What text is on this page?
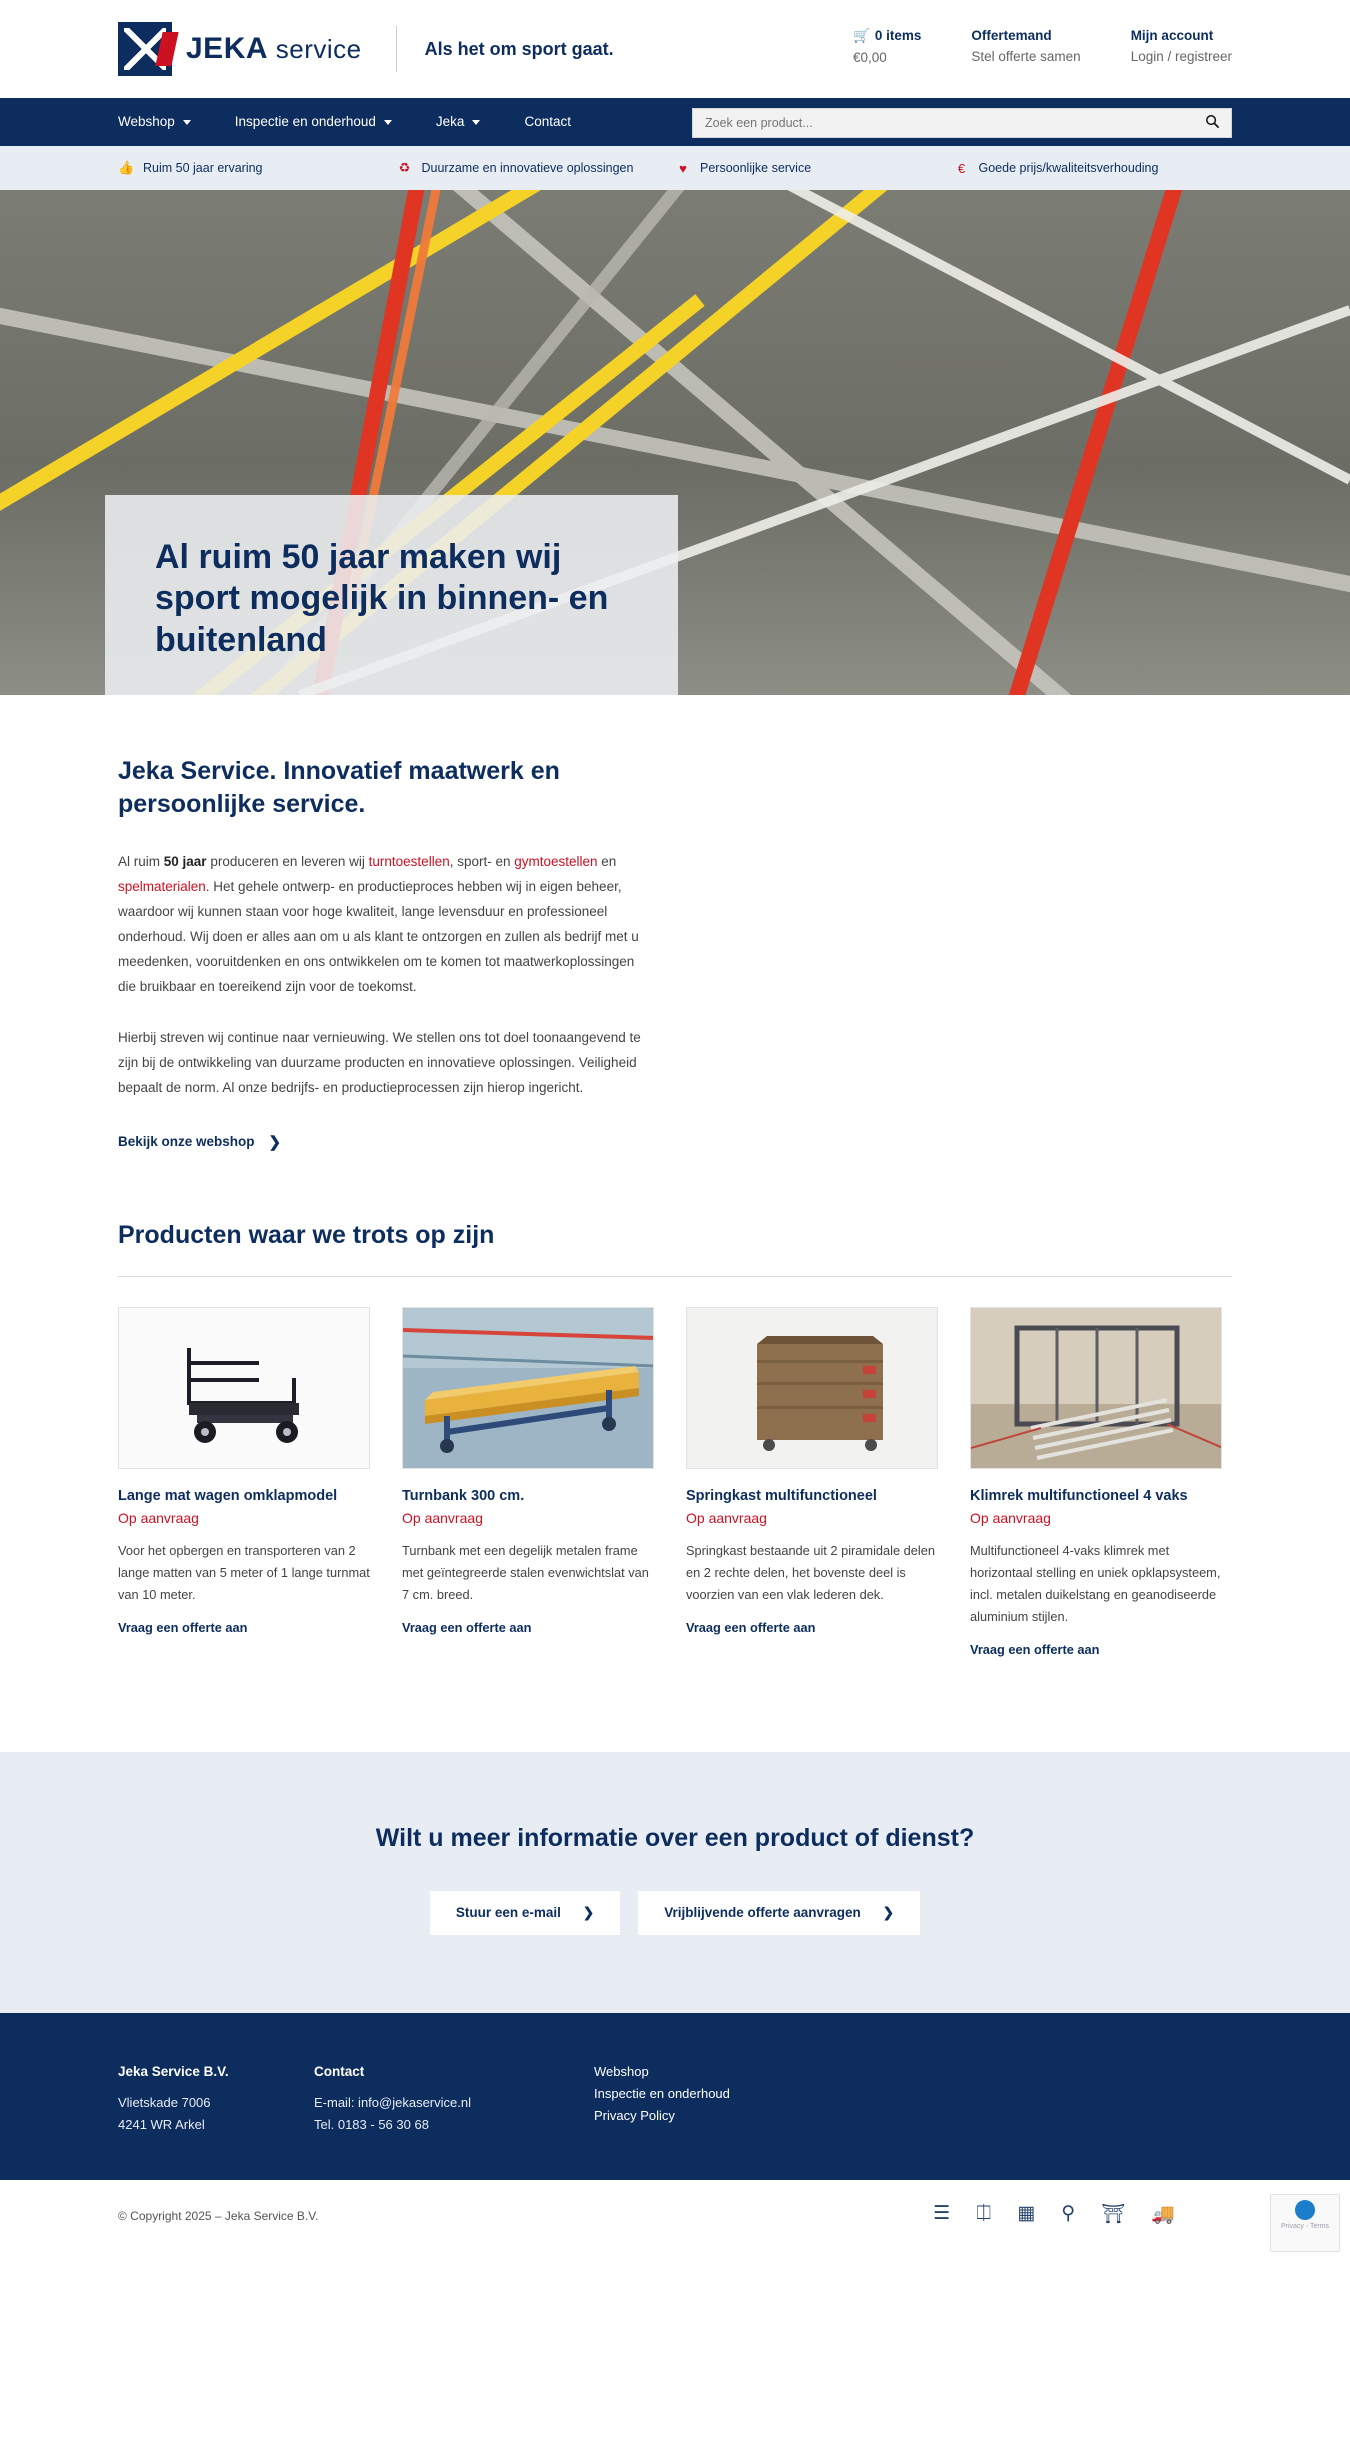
JEKA service	Als het om sport gaat.
🛒 0 items
€0,00
Offertemand
Stel offerte samen
Mijn account
Login / registreer
Webshop	Inspectie en onderhoud	Jeka	Contact
Zoek een product...
👍 Ruim 50 jaar ervaring	♻ Duurzame en innovatieve oplossingen	♥	Persoonlijke service	€	Goede prijs/kwaliteitsverhouding
Al ruim 50 jaar maken wij sport mogelijk in binnen- en buitenland
Jeka Service. Innovatief maatwerk en persoonlijke service.

Al ruim 50 jaar produceren en leveren wij turntoestellen, sport- en gymtoestellen en spelmaterialen. Het gehele ontwerp- en productieproces hebben wij in eigen beheer, waardoor wij kunnen staan voor hoge kwaliteit, lange levensduur en professioneel onderhoud. Wij doen er alles aan om u als klant te ontzorgen en zullen als bedrijf met u meedenken, vooruitdenken en ons ontwikkelen om te komen tot maatwerkoplossingen die bruikbaar en toereikend zijn voor de toekomst.

Hierbij streven wij continue naar vernieuwing. We stellen ons tot doel toonaangevend te zijn bij de ontwikkeling van duurzame producten en innovatieve oplossingen. Veiligheid bepaalt de norm. Al onze bedrijfs- en productieprocessen zijn hierop ingericht.

Bekijk onze webshop ❯
Producten waar we trots op zijn
Lange mat wagen omklapmodel
Op aanvraag
Voor het opbergen en transporteren van 2 lange matten van 5 meter of 1 lange turnmat van 10 meter.
Vraag een offerte aan
Turnbank 300 cm.
Op aanvraag
Turnbank met een degelijk metalen frame met geïntegreerde stalen evenwichtslat van 7 cm. breed.
Vraag een offerte aan
Springkast multifunctioneel
Op aanvraag
Springkast bestaande uit 2 piramidale delen en 2 rechte delen, het bovenste deel is voorzien van een vlak lederen dek.
Vraag een offerte aan
Klimrek multifunctioneel 4 vaks
Op aanvraag
Multifunctioneel 4-vaks klimrek met horizontaal stelling en uniek opklapsysteem, incl. metalen duikelstang en geanodiseerde aluminium stijlen.
Vraag een offerte aan
Wilt u meer informatie over een product of dienst?
Stuur een e-mail ❯	Vrijblijvende offerte aanvragen ❯
Jeka Service B.V.
Vlietskade 7006
4241 WR Arkel
Contact
E-mail: info@jekaservice.nl
Tel. 0183 - 56 30 68
Webshop
Inspectie en onderhoud
Privacy Policy
© Copyright 2025 – Jeka Service B.V.	☰ ⎅ ▦ ⚲ ⛩ 🚚
Privacy - Terms
